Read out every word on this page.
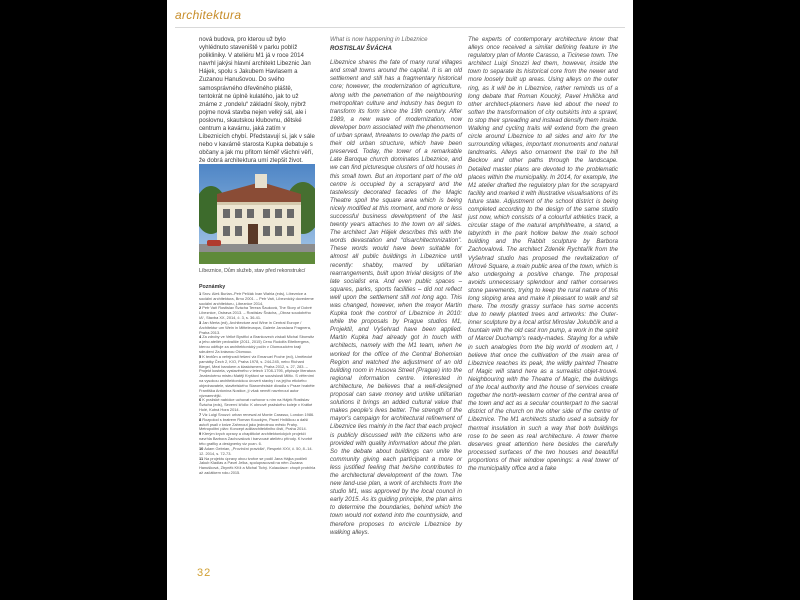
architektura

nová budova, pro kterou už bylo vyhlédnuto staveniště v parku poblíž polikliniky. V ateliéru M1 já v roce 2014 navrhl jakýsi hlavní architekt Libeznic Jan Hájek, spolu s Jakubem Havlasem a Zuzanou Hanušovou. Do svého samosprávného dřevěného pláště, tentokrát ne úplně kulatého, jak to už známe z „rondelu“ základní školy, nýbrž pojme nová stavba nejen velký sál, ale i poslovnu, skautskou klubovnu, dětské centrum a kavárnu, jaká zatím v Líbeznicích chybí. Představují si, jak v sále nebo v kavárně starosta Kupka debatuje s občany a jak mu přitom téměř všichni věří, že dobrá architektura umí zlepšit život.

Líbeznice, Dům služeb, stav před rekonstrukcí
Poznámky

1 Srov. Aleš Burian–Petr Pelčák Ivan Wahla (eds), Líbeznice a sociální architektura, Brno 2001. – Petr Vaň, Líbeznický dovedeme sociální architekturu, Líbeznice 2014.

2 Petr Vaň Rostislav Švácha Tereza Šauková, The Story of Dobré Líbeznice, Ostrava 2013. – Rostislav Švácha, „Obraz soudobého IA“, Stavba XX, 2014, č. 3, s. 36-41.

3 Jan Merta (ed), Architecture and Wine in Central Europe / Architektur um Wein in Mitteleuropa, Galerie Jaroslava Fragnera, Praha 2013.

4 Za zdroby ve Velké Bystřici a Brankovech získali Michal Sborwitz a jeho ateliér pedvaliče (2011, 2015) Cenu Rudolfa Eitelbergera, kterou oděluje za architektonický počin v Olomouckém kraji sdružení Za krásnou Olomouc.

5 K textům a veřejnosti řešení viz Emanuel Poche (ed), Umělecké památky Čech 2, K/O, Praha 1978, s. 244-245, nebo Richard Biegel, Mezi barokem a klasicismem, Praha 2012, s. 27, 283. – Projekt kostela, vystavěného v letech 1708-1795, připisuje literatura Jezdeckému mistru Matěji Kryštovi se souvislosti Miltic. S věřeními na vysokou architektonickou úroveň stavby i na jejího etického objednavatele, stavitelského Staroměstské divadla v Praze hraběte Františka Antonína Nostice, jí však neměl navrhnout autor významnější.

6 K pražské nabídce uchovat rozhovor s ním na Hájek Rostislav Švácha (eds), Severní křídlo: K obnově pražského koleje v Krátké Holé, Kutná Hora 2014.

7 Viz Luigi Snozzi: urban renewal at Monte Carasso, London 1986.

8 Rozpolod s bratrem Roman Kouckým, Pavel Hniličkou a další autoři psali v knize Zahrnout jako jednotnou město Prahy. Metropolitní plán: Koncept adžiarchitektiniho čistí, Praha 2014.

9 Kterým krych opravy a chaplitické architektonických projekčí navrhla Barbora Zachovalová i barvousé ateliéru přírody. K tvorbě této grafiky a designerky viz pozn. 6.

10 Adam Gebrian, „Provinční pravidla“, Respekt XXV, č. 50, 8.-14. 12. 2014, s. 72-73.

11 Na projektu úpravy obou tvořce se podíl Jana Hájka podílelí Jakub Kladlas a Pavel Jelka, spolupracovali na něm Zuzana Hanušková, Zbyněk Kříž a Michal Tichý. Kolaudace: chopit probíhla až začátkem roku 2015.

What is now happening in Líbeznice
ROSTISLAV ŠVÁCHA

Líbeznice shares the fate of many rural villages and small towns around the capital. It is an old settlement and still has a fragmentary historical core; however, the modernization of agriculture, along with the penetration of the neighbouring metropolitan culture and industry has begun to transform its form since the 19th century. After 1989, a new wave of modernization, now developer born associated with the phenomenon of urban sprawl, threatens to overlap the parts of their old urban structure, which have been preserved. Today, the tower of a remarkable Late Baroque church dominates Líbeznice, and we can find picturesque clusters of old houses in this small town. But an important part of the old centre is occupied by a scrapyard and the tastelessly decorated facades of the Magic Theatre spoil the square area which is being nicely modified at this moment, and more or less successful business development of the last twenty years attaches to the town on all sides. The architect Jan Hájek describes this with the words devastation and “disarchitectonization”. These words would have been suitable for almost all public buildings in Líbeznice until recently: shabby, marred by utilitarian rearrangements, built upon trivial designs of the late socialist era. And even public spaces – squares, parks, sports facilities – did not reflect well upon the settlement still not long ago. This was changed, however, when the mayor Martin Kupka took the control of Líbeznice in 2010: while the proposals by Prague studios M1, Projektil, and Vyšehrad have been applied. Martin Kupka had already got in touch with architects, namely with the M1 team, when he worked for the office of the Central Bohemian Region and watched the adjustment of an old building room in Husova Street (Prague) into the regional information centre. Interested in architecture, he believes that a well-designed proposal can save money and unlike utilitarian solutions it brings an added cultural value that makes people's lives better. The strength of the mayor's campaign for architectural refinement of Líbeznice lies mainly in the fact that each project is publicly discussed with the citizens who are provided with quality information about the plan. So the debate about buildings can unite the community giving each participant a more or less justified feeling that he/she contributes to the architectural development of the town. The new land-use plan, a work of architects from the studio M1, was approved by the local council in early 2015. As its guiding principle, the plan aims to determine the boundaries, behind which the town would not extend into the countryside, and therefore proposes to encircle Líbeznice by walking alleys.

The experts of contemporary architecture know that alleys once received a similar defining feature in the regulatory plan of Monte Carasso, a Ticinese town. The architect Luigi Snozzi led them, however, inside the town to separate its historical core from the newer and more loosely built up areas. Using alleys on the outer ring, as it will be in Líbeznice, rather reminds us of a long debate that Roman Koucký, Pavel Hnilička and other architect-planners have led about the need to soften the transformation of city outskirts into a sprawl, to stop their spreading and instead densify them inside. Walking and cycling trails will extend from the green circle around Líbeznice to all sides and aim for the surrounding villages, important monuments and natural landmarks. Alleys also ornament the trail to the hill Beckov and other paths through the landscape. Detailed master plans are devoted to the problematic places within the municipality. In 2014, for example, the M1 atelier drafted the regulatory plan for the scrapyard facility and marked it with illustrative visualisations of its future state. Adjustment of the school district is being completed according to the design of the same studio just now, which consists of a colourful athletics track, a circular stage of the natural amphitheatre, a stand, a labyrinth in the park hollow below the main school building and the Rabbit sculpture by Barbora Zachovalová. The architect Zdeněk Rychtařík from the Vyšehrad studio has proposed the revitalization of Mírové Square, a main public area of the town, which is also undergoing a positive change. The proposal avoids unnecessary splendour and rather conserves stone pavements, trying to keep the rural nature of this long sloping area and make it pleasant to walk and sit there. The mostly grassy surface has some accents due to newly planted trees and artworks: the Outer-inner sculpture by a local artist Miroslav Jokubčík and a fountain with the old cast iron pump, a work in the spirit of Marcel Duchamp's ready-mades. Staying for a while in such analogies from the big world of modern art, I believe that once the cultivation of the main area of Líbeznice reaches its peak, the wildly painted Theatre of Magic will stand here as a surrealist objet-trouvé. Neighbouring with the Theatre of Magic, the buildings of the local authority and the house of services create together the north-western corner of the central area of the town and act as a secular counterpart to the sacral district of the church on the other side of the centre of Líbeznice. The M1 architects studio used a subsidy for thermal insulation in such a way that both buildings rose to be seen as real architecture. A tower theme deserves great attention here besides the carefully processed surfaces of the two houses and beautiful proportions of their window openings: a real tower of the municipality office and a fake

32
